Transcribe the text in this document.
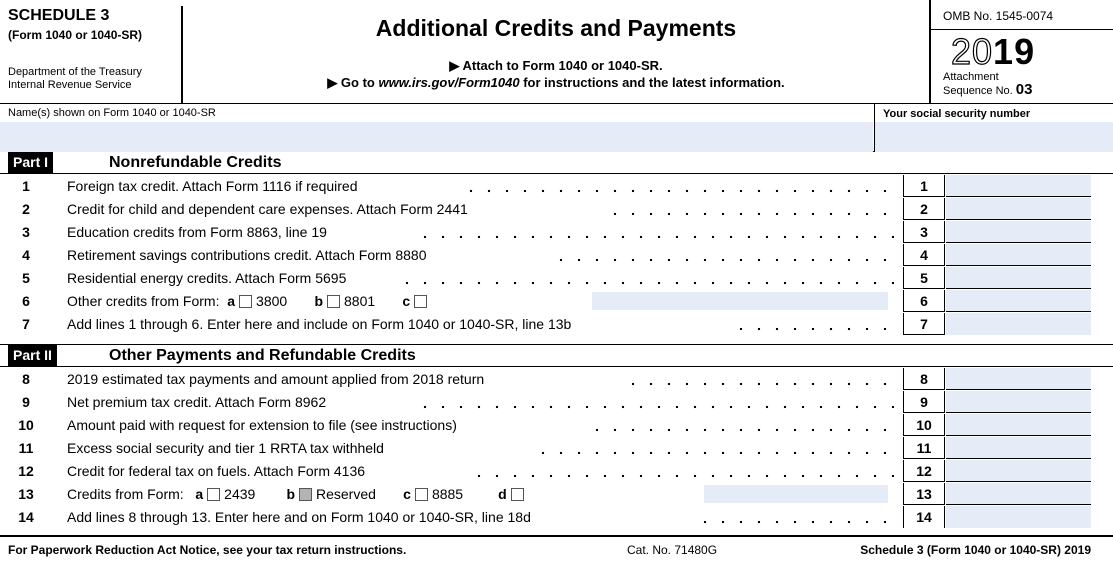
SCHEDULE 3
(Form 1040 or 1040-SR)
Department of the Treasury
Internal Revenue Service
Additional Credits and Payments
▶ Attach to Form 1040 or 1040-SR.
▶ Go to www.irs.gov/Form1040 for instructions and the latest information.
OMB No. 1545-0074
2019
Attachment
Sequence No. 03
Name(s) shown on Form 1040 or 1040-SR	Your social security number
Part I	Nonrefundable Credits
1	Foreign tax credit. Attach Form 1116 if required	1
2	Credit for child and dependent care expenses. Attach Form 2441	2
3	Education credits from Form 8863, line 19	3
4	Retirement savings contributions credit. Attach Form 8880	4
5	Residential energy credits. Attach Form 5695	5
6	Other credits from Form: a 3800 b 8801 c	6
7	Add lines 1 through 6. Enter here and include on Form 1040 or 1040-SR, line 13b	7
Part II	Other Payments and Refundable Credits
8	2019 estimated tax payments and amount applied from 2018 return	8
9	Net premium tax credit. Attach Form 8962	9
10	Amount paid with request for extension to file (see instructions)	10
11	Excess social security and tier 1 RRTA tax withheld	11
12	Credit for federal tax on fuels. Attach Form 4136	12
13	Credits from Form: a 2439 b Reserved c 8885	d	13
14	Add lines 8 through 13. Enter here and on Form 1040 or 1040-SR, line 18d	14
For Paperwork Reduction Act Notice, see your tax return instructions.	Cat. No. 71480G	Schedule 3 (Form 1040 or 1040-SR) 2019
